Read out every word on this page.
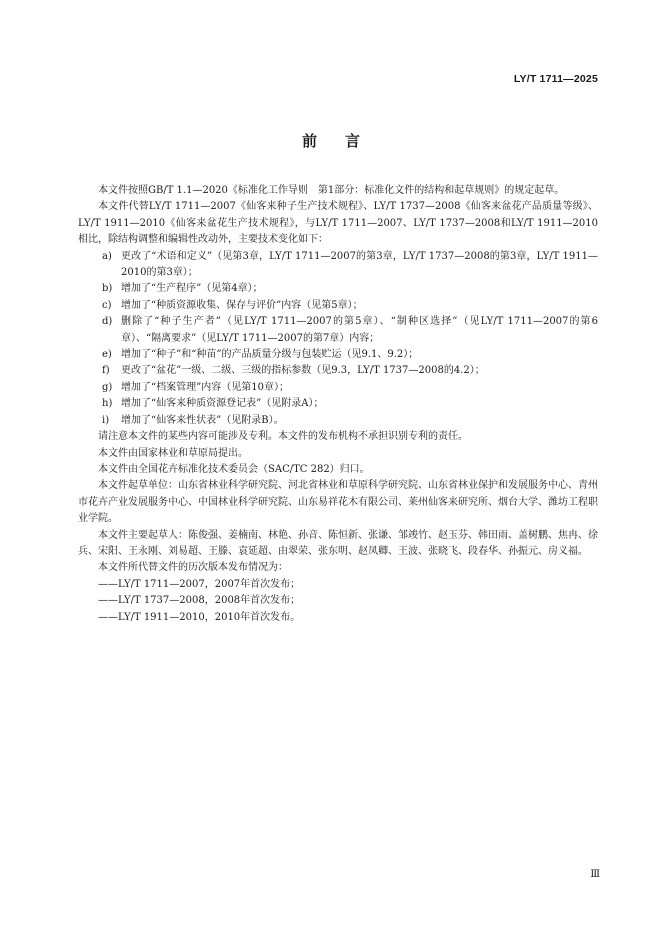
LY/T 1711—2025
前言

本文件按照GB/T 1.1—2020《标准化工作导则　第1部分：标准化文件的结构和起草规则》的规定起草。

本文件代替LY/T 1711—2007《仙客来种子生产技术规程》、LY/T 1737—2008《仙客来盆花产品质量等级》、LY/T 1911—2010《仙客来盆花生产技术规程》，与LY/T 1711—2007、LY/T 1737—2008和LY/T 1911—2010相比，除结构调整和编辑性改动外，主要技术变化如下：

a) 更改了“术语和定义”（见第3章，LY/T 1711—2007的第3章，LY/T 1737—2008的第3章，LY/T 1911—2010的第3章）；
b) 增加了“生产程序”（见第4章）；
c) 增加了“种质资源收集、保存与评价”内容（见第5章）；
d) 删除了“种子生产者”（见LY/T 1711—2007的第5章）、“制种区选择”（见LY/T 1711—2007的第6章）、“隔离要求”（见LY/T 1711—2007的第7章）内容；
e) 增加了“种子”和“种苗”的产品质量分级与包装贮运（见9.1、9.2）；
f) 更改了“盆花”一级、二级、三级的指标参数（见9.3，LY/T 1737—2008的4.2）；
g) 增加了“档案管理”内容（见第10章）；
h) 增加了“仙客来种质资源登记表”（见附录A）；
i) 增加了“仙客来性状表”（见附录B）。

请注意本文件的某些内容可能涉及专利。本文件的发布机构不承担识别专利的责任。

本文件由国家林业和草原局提出。

本文件由全国花卉标准化技术委员会（SAC/TC 282）归口。

本文件起草单位：山东省林业科学研究院、河北省林业和草原科学研究院、山东省林业保护和发展服务中心、青州市花卉产业发展服务中心、中国林业科学研究院、山东易祥花木有限公司、莱州仙客来研究所、烟台大学、潍坊工程职业学院。

本文件主要起草人：陈俊强、姜楠南、林艳、孙音、陈恒新、张谦、邹竣竹、赵玉芬、韩田雨、盖树鹏、焦冉、徐兵、宋阳、王永刚、刘易超、王滕、袁延超、由翠荣、张东明、赵凤卿、王波、张晓飞、段春华、孙振元、房义福。

本文件所代替文件的历次版本发布情况为：

——LY/T 1711—2007，2007年首次发布；

——LY/T 1737—2008，2008年首次发布；

——LY/T 1911—2010，2010年首次发布。

Ⅲ
